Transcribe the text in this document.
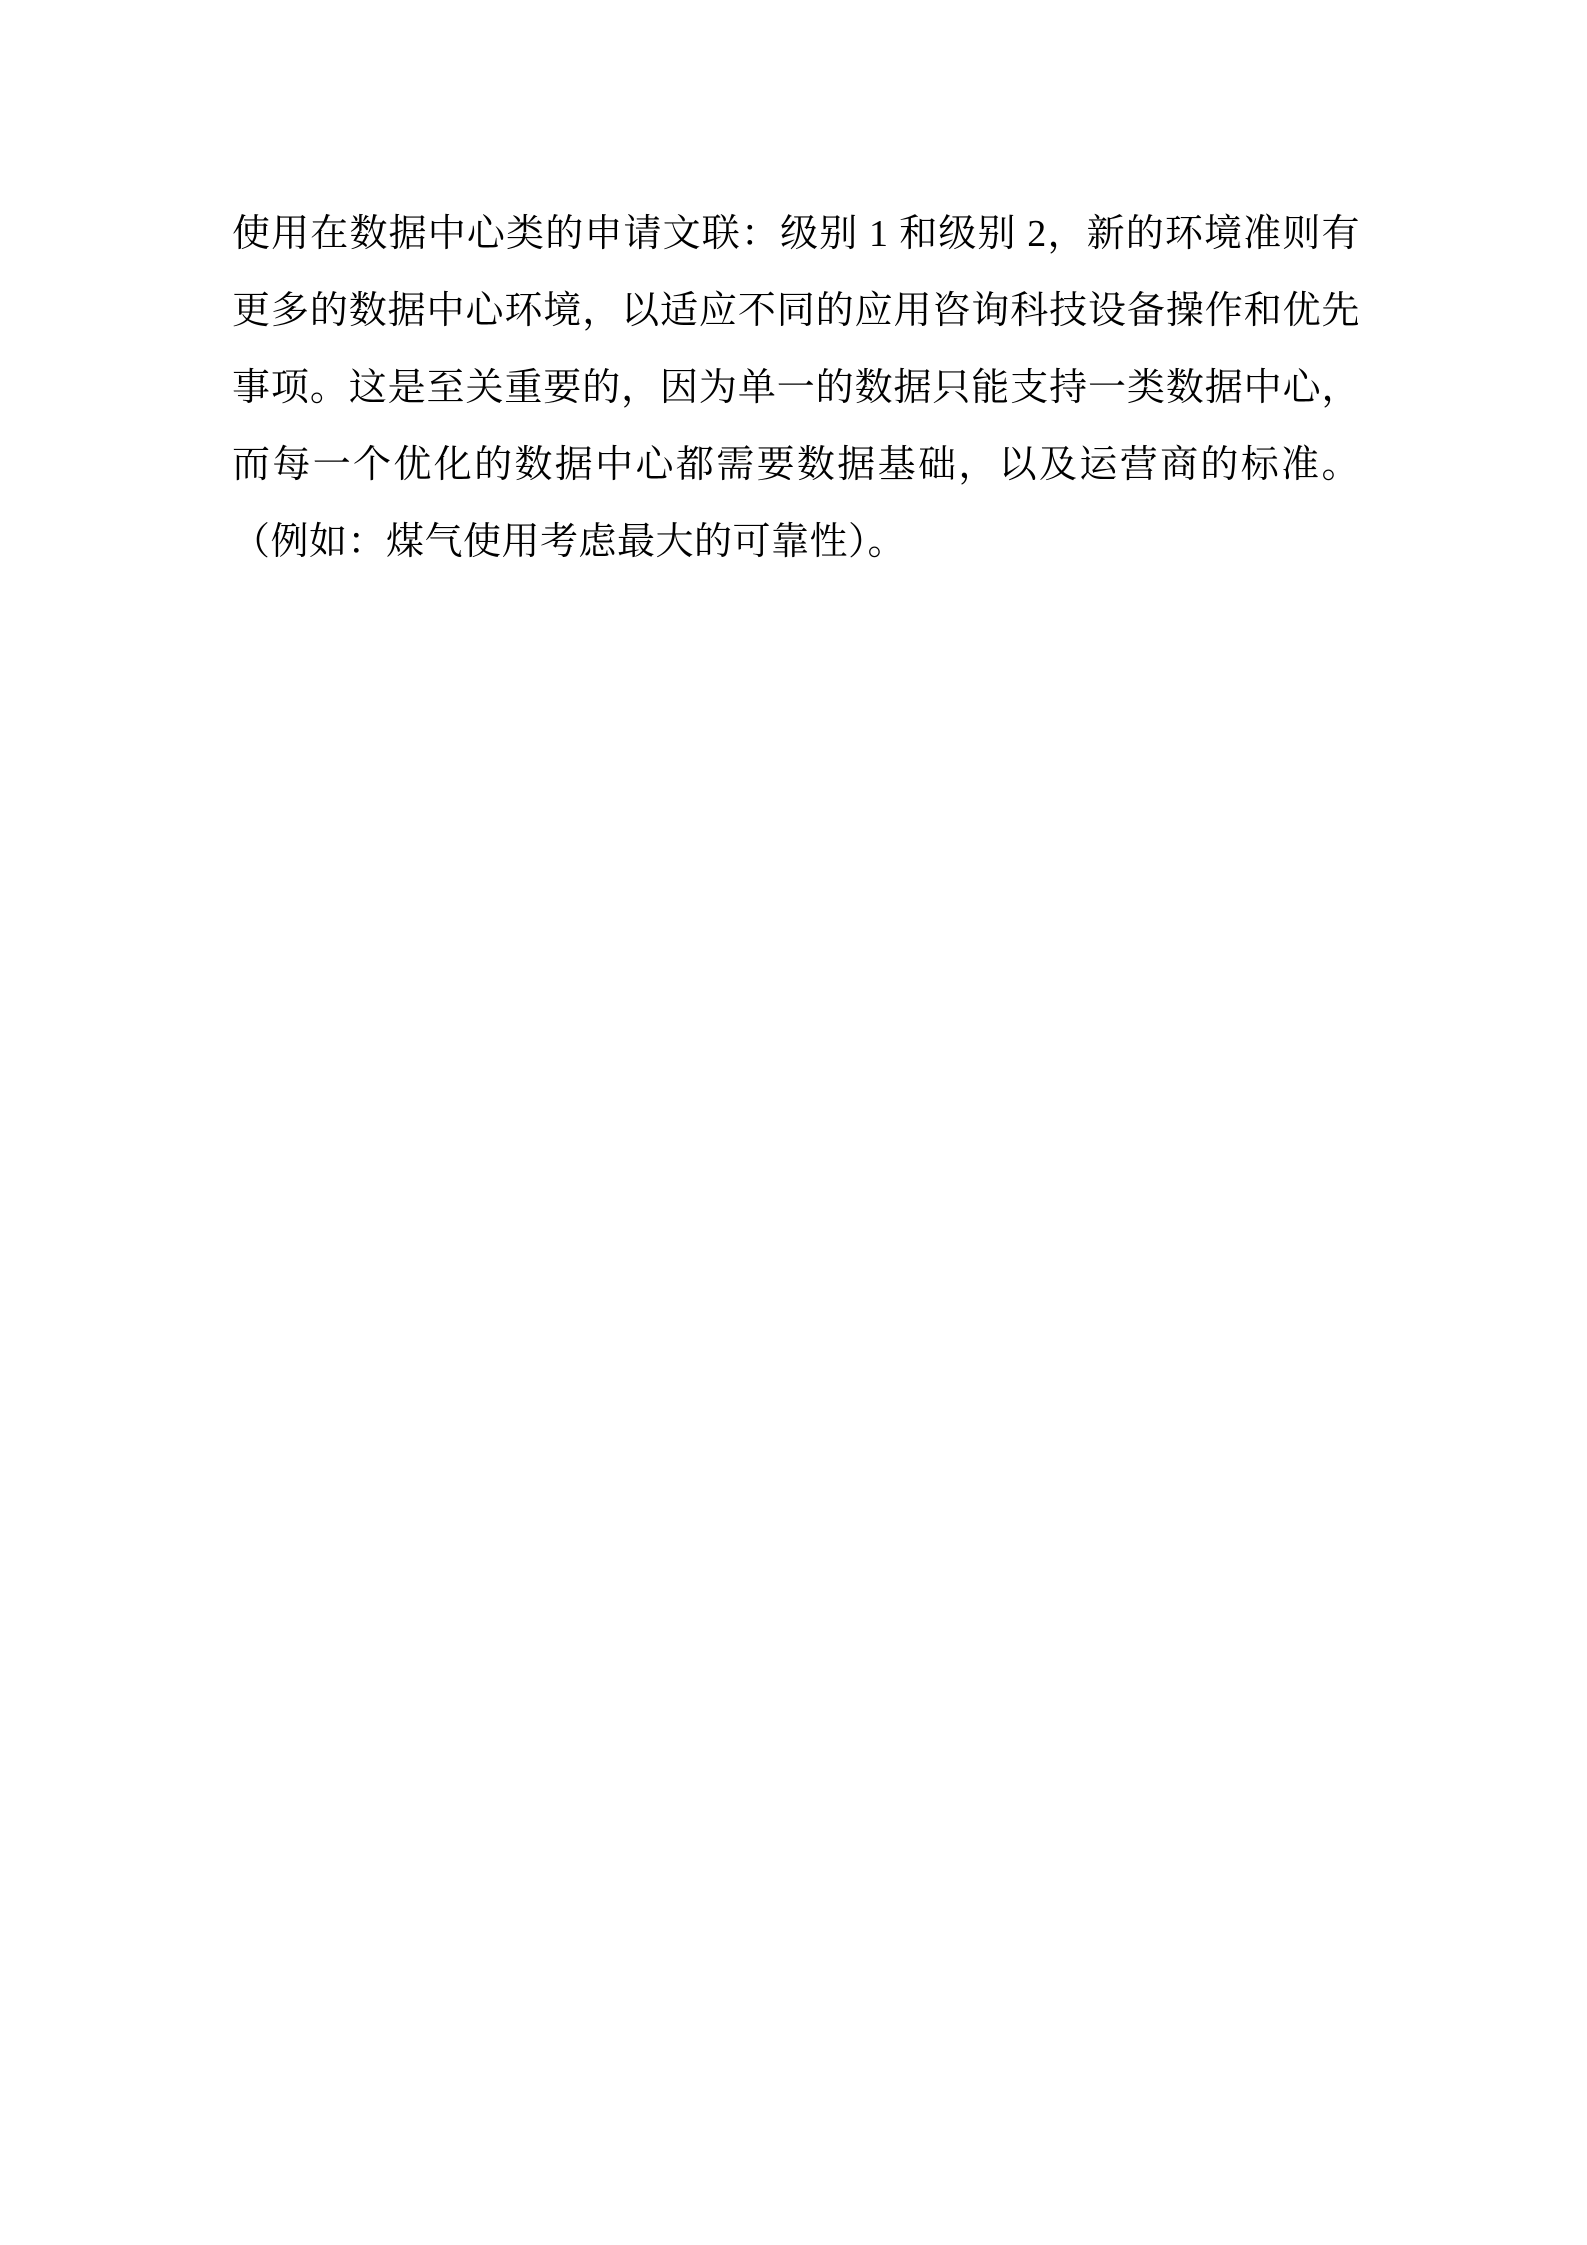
使用在数据中心类的申请文联：级别 1 和级别 2，新的环境准则有更多的数据中心环境，以适应不同的应用咨询科技设备操作和优先事项。这是至关重要的，因为单一的数据只能支持一类数据中心，而每一个优化的数据中心都需要数据基础，以及运营商的标准。（例如：煤气使用考虑最大的可靠性）。
